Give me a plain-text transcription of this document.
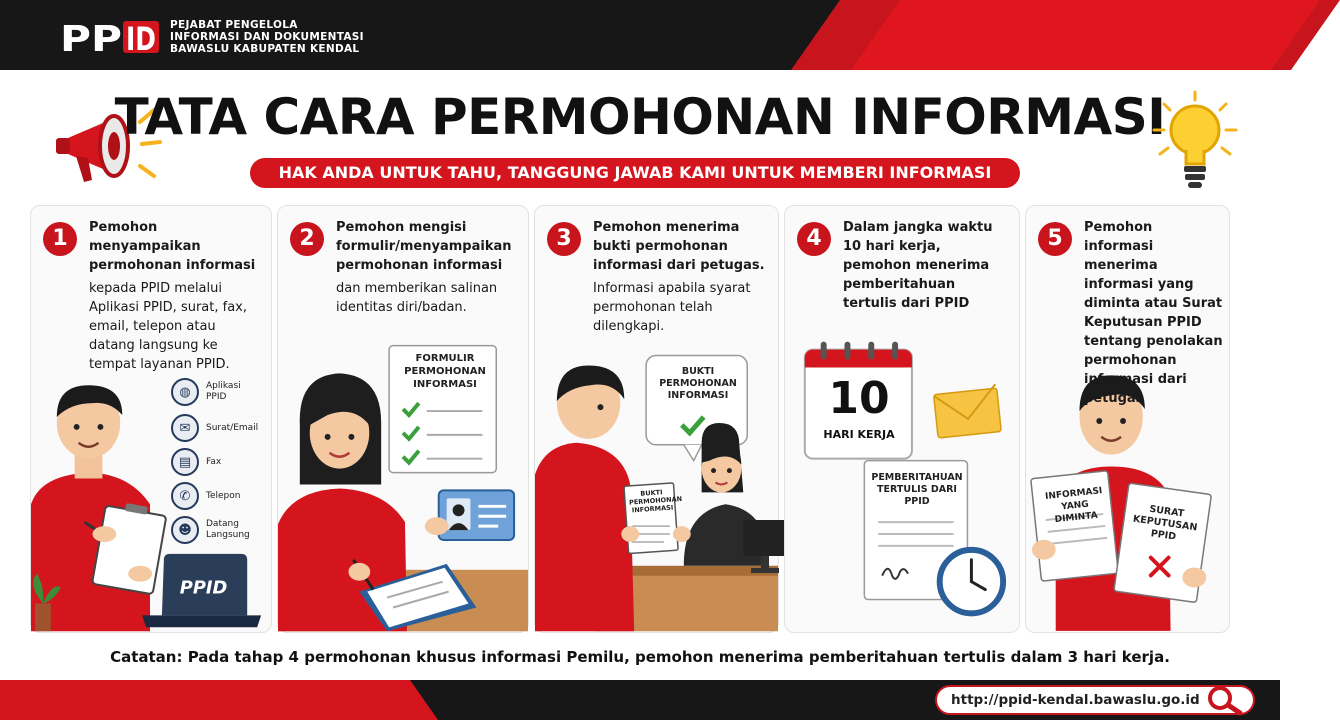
PP ID PEJABAT PENGELOLA
INFORMASI DAN DOKUMENTASI
BAWASLU KABUPATEN KENDAL
TATA CARA PERMOHONAN INFORMASI
HAK ANDA UNTUK TAHU, TANGGUNG JAWAB KAMI UNTUK MEMBERI INFORMASI
PPID
1	Pemohon menyampaikan permohonan informasi
kepada PPID melalui Aplikasi PPID, surat, fax, email, telepon atau datang langsung ke tempat layanan PPID.
◍	Aplikasi PPID
✉	Surat/Email
▤	Fax
✆	Telepon
☻	Datang Langsung
2	Pemohon mengisi formulir/menyampaikan permohonan informasi
dan memberikan salinan identitas diri/badan.
FORMULIR PERMOHONAN INFORMASI
3	Pemohon menerima bukti permohonan informasi dari petugas.
Informasi apabila syarat permohonan telah dilengkapi.
BUKTI PERMOHONAN INFORMASI
BUKTI PERMOHONAN INFORMASI
4	Dalam jangka waktu 10 hari kerja, pemohon menerima pemberitahuan tertulis dari PPID
10
HARI KERJA
PEMBERITAHUAN TERTULIS DARI PPID
5	Pemohon informasi menerima informasi yang diminta atau Surat Keputusan PPID tentang penolakan permohonan informasi dari petugas
INFORMASI YANG DIMINTA	SURAT KEPUTUSAN PPID
Catatan: Pada tahap 4 permohonan khusus informasi Pemilu, pemohon menerima pemberitahuan tertulis dalam 3 hari kerja.
http://ppid-kendal.bawaslu.go.id
